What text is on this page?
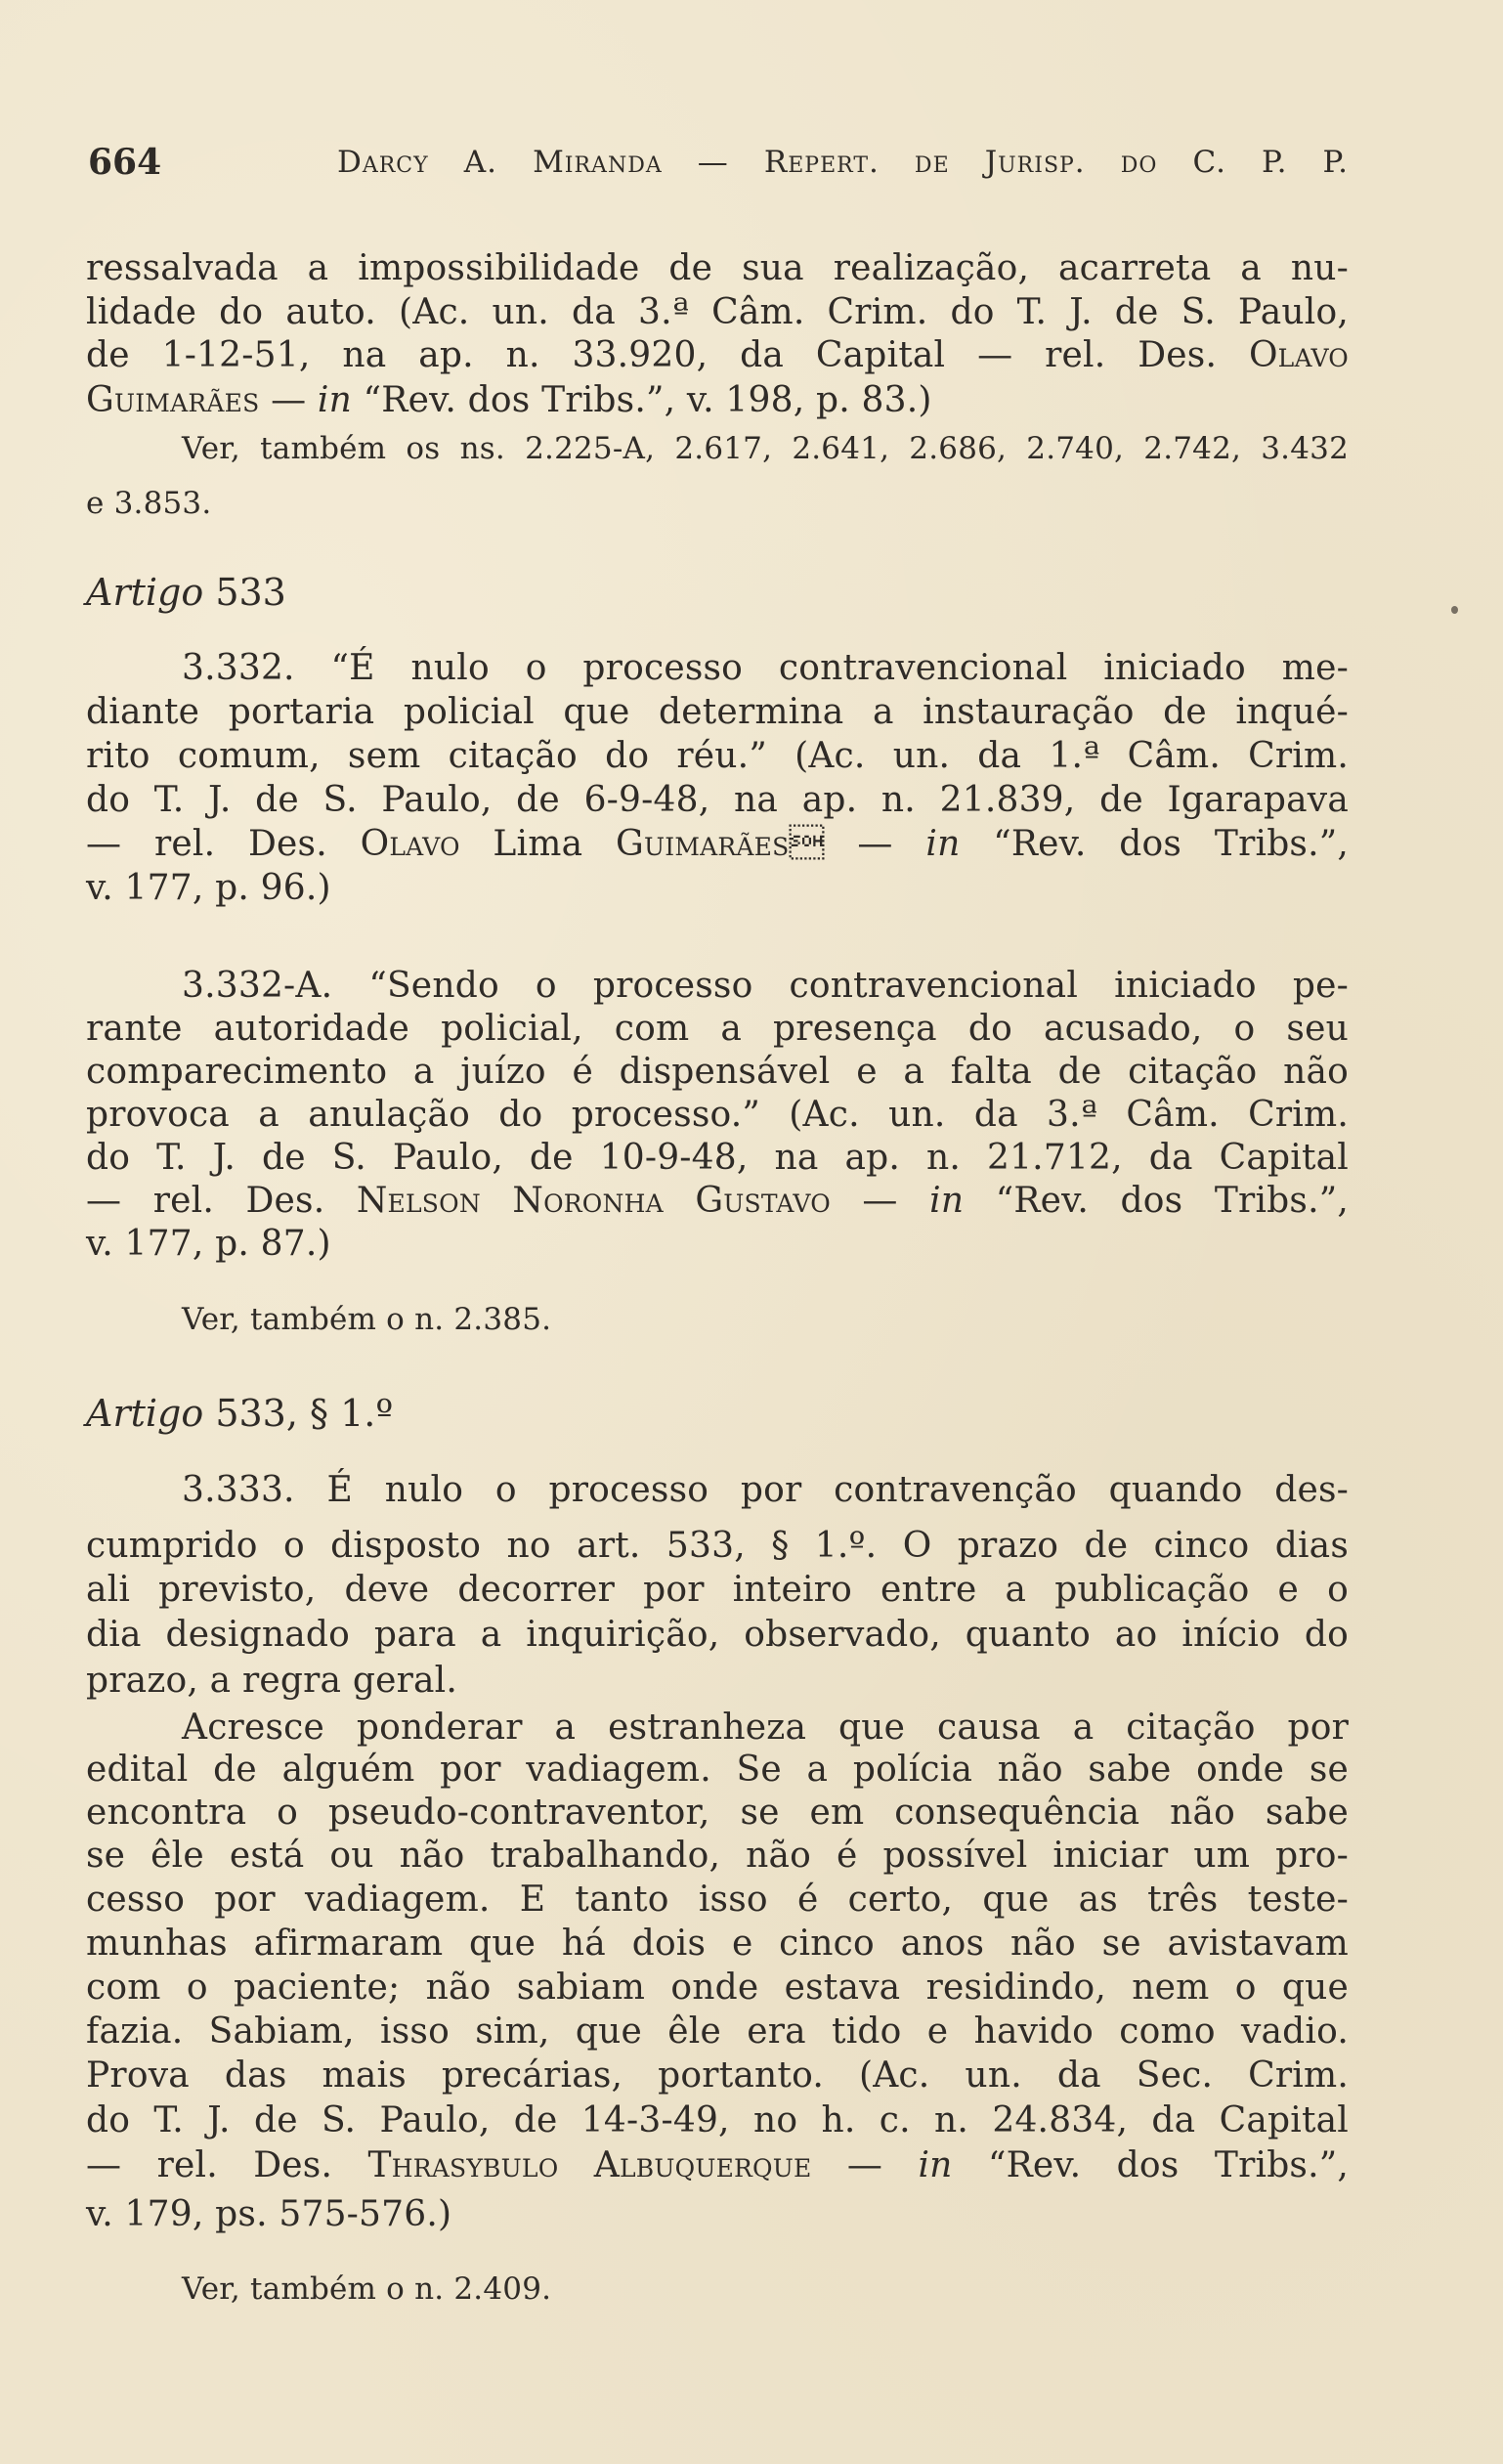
664	Darcy A. Miranda — Repert. de Jurisp. do C. P. P.
ressalvada a impossibilidade de sua realização, acarreta a nu-
lidade do auto. (Ac. un. da 3.ª Câm. Crim. do T. J. de S. Paulo,
de 1-12-51, na ap. n. 33.920, da Capital — rel. Des. Olavo
Guimarães — in “Rev. dos Tribs.”, v. 198, p. 83.)
Ver, também os ns. 2.225-A, 2.617, 2.641, 2.686, 2.740, 2.742, 3.432
e 3.853.
Artigo 533
3.332. “É nulo o processo contravencional iniciado me-
diante portaria policial que determina a instauração de inqué-
rito comum, sem citação do réu.” (Ac. un. da 1.ª Câm. Crim.
do T. J. de S. Paulo, de 6-9-48, na ap. n. 21.839, de Igarapava
— rel. Des. Olavo Lima Guimarães — in “Rev. dos Tribs.”,
v. 177, p. 96.)
3.332-A. “Sendo o processo contravencional iniciado pe-
rante autoridade policial, com a presença do acusado, o seu
comparecimento a juízo é dispensável e a falta de citação não
provoca a anulação do processo.” (Ac. un. da 3.ª Câm. Crim.
do T. J. de S. Paulo, de 10-9-48, na ap. n. 21.712, da Capital
— rel. Des. Nelson Noronha Gustavo — in “Rev. dos Tribs.”,
v. 177, p. 87.)
Ver, também o n. 2.385.
Artigo 533, § 1.º
3.333. É nulo o processo por contravenção quando des-
cumprido o disposto no art. 533, § 1.º. O prazo de cinco dias
ali previsto, deve decorrer por inteiro entre a publicação e o
dia designado para a inquirição, observado, quanto ao início do
prazo, a regra geral.
Acresce ponderar a estranheza que causa a citação por
edital de alguém por vadiagem. Se a polícia não sabe onde se
encontra o pseudo-contraventor, se em consequência não sabe
se êle está ou não trabalhando, não é possível iniciar um pro-
cesso por vadiagem. E tanto isso é certo, que as três teste-
munhas afirmaram que há dois e cinco anos não se avistavam
com o paciente; não sabiam onde estava residindo, nem o que
fazia. Sabiam, isso sim, que êle era tido e havido como vadio.
Prova das mais precárias, portanto. (Ac. un. da Sec. Crim.
do T. J. de S. Paulo, de 14-3-49, no h. c. n. 24.834, da Capital
— rel. Des. Thrasybulo Albuquerque — in “Rev. dos Tribs.”,
v. 179, ps. 575-576.)
Ver, também o n. 2.409.
